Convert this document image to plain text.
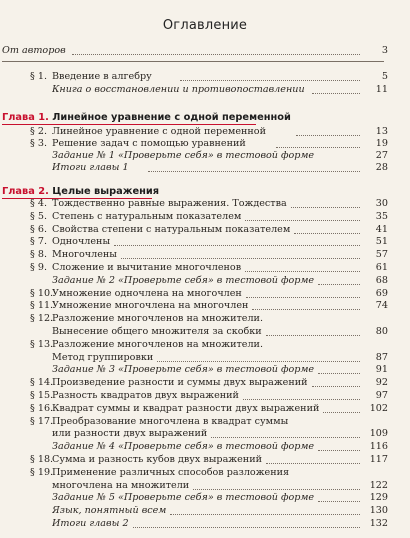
Оглавление
От авторов	3
§ 1. Введение в алгебру	5
Книга о восстановлении и противопоставлении	11
Глава 1. Линейное уравнение с одной переменной
§ 2. Линейное уравнение с одной переменной	13
§ 3. Решение задач с помощью уравнений	19
Задание № 1 «Проверьте себя» в тестовой форме	27
Итоги главы 1	28
Глава 2. Целые выражения
§ 4. Тождественно равные выражения. Тождества	30
§ 5. Степень с натуральным показателем	35
§ 6. Свойства степени с натуральным показателем	41
§ 7. Одночлены	51
§ 8. Многочлены	57
§ 9. Сложение и вычитание многочленов	61
Задание № 2 «Проверьте себя» в тестовой форме	68
§ 10.Умножение одночлена на многочлен	69
§ 11.Умножение многочлена на многочлен	74
§ 12.Разложение многочленов на множители.
Вынесение общего множителя за скобки	80
§ 13.Разложение многочленов на множители.
Метод группировки	87
Задание № 3 «Проверьте себя» в тестовой форме	91
§ 14.Произведение разности и суммы двух выражений	92
§ 15.Разность квадратов двух выражений	97
§ 16.Квадрат суммы и квадрат разности двух выражений	102
§ 17.Преобразование многочлена в квадрат суммы
или разности двух выражений	109
Задание № 4 «Проверьте себя» в тестовой форме	116
§ 18.Сумма и разность кубов двух выражений	117
§ 19.Применение различных способов разложения
многочлена на множители	122
Задание № 5 «Проверьте себя» в тестовой форме	129
Язык, понятный всем	130
Итоги главы 2	132
